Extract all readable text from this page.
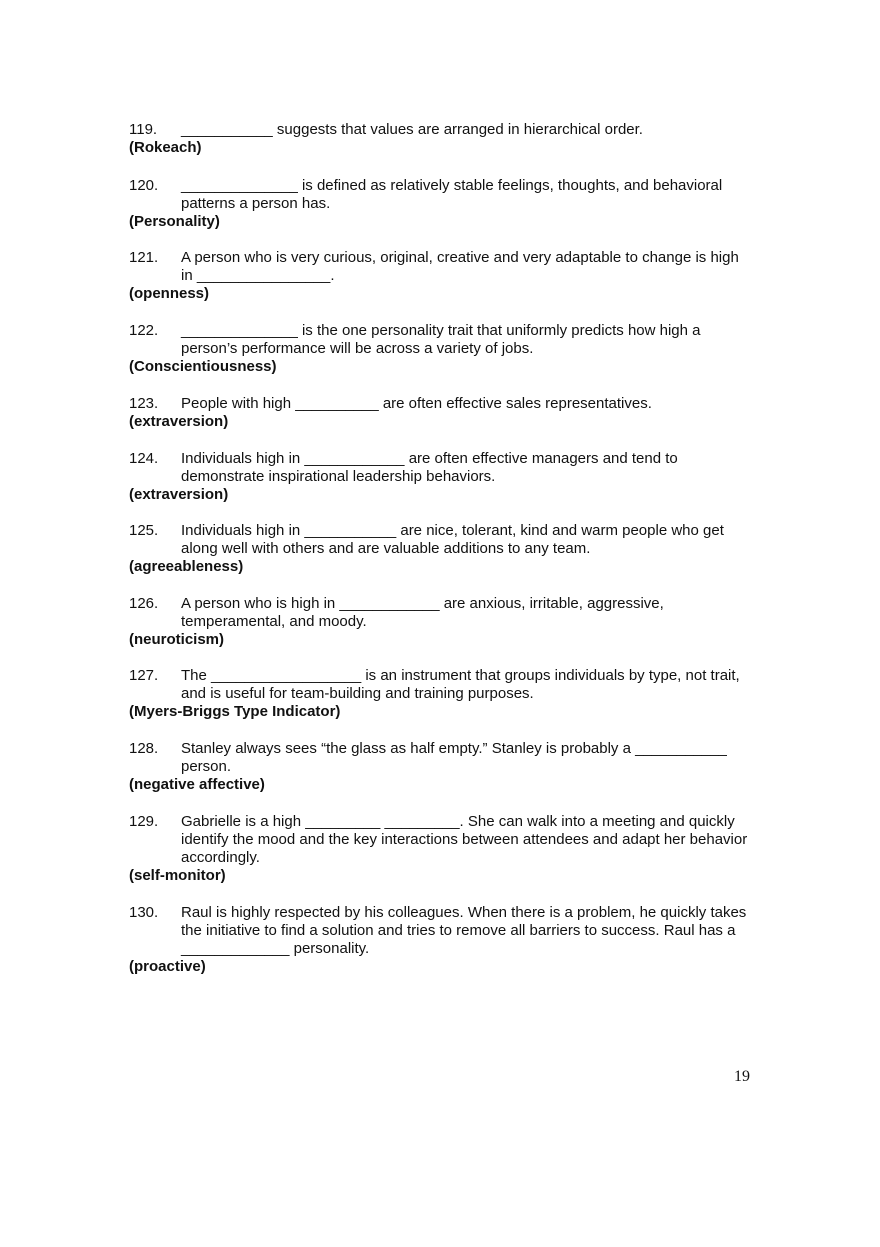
119.	___________ suggests that values are arranged in hierarchical order.
(Rokeach)
120.	______________ is defined as relatively stable feelings, thoughts, and behavioral patterns a person has.
(Personality)
121.	A person who is very curious, original, creative and very adaptable to change is high in ________________.
(openness)
122.	______________ is the one personality trait that uniformly predicts how high a person’s performance will be across a variety of jobs.
(Conscientiousness)
123.	People with high __________ are often effective sales representatives.
(extraversion)
124.	Individuals high in ____________ are often effective managers and tend to demonstrate inspirational leadership behaviors.
(extraversion)
125.	Individuals high in ___________ are nice, tolerant, kind and warm people who get along well with others and are valuable additions to any team.
(agreeableness)
126.	A person who is high in ____________ are anxious, irritable, aggressive, temperamental, and moody.
(neuroticism)
127.	The __________________ is an instrument that groups individuals by type, not trait, and is useful for team-building and training purposes.
(Myers-Briggs Type Indicator)
128.	Stanley always sees “the glass as half empty.” Stanley is probably a ___________ person.
(negative affective)
129.	Gabrielle is a high _________ _________. She can walk into a meeting and quickly identify the mood and the key interactions between attendees and adapt her behavior accordingly.
(self-monitor)
130.	Raul is highly respected by his colleagues. When there is a problem, he quickly takes the initiative to find a solution and tries to remove all barriers to success. Raul has a _____________ personality.
(proactive)
19
